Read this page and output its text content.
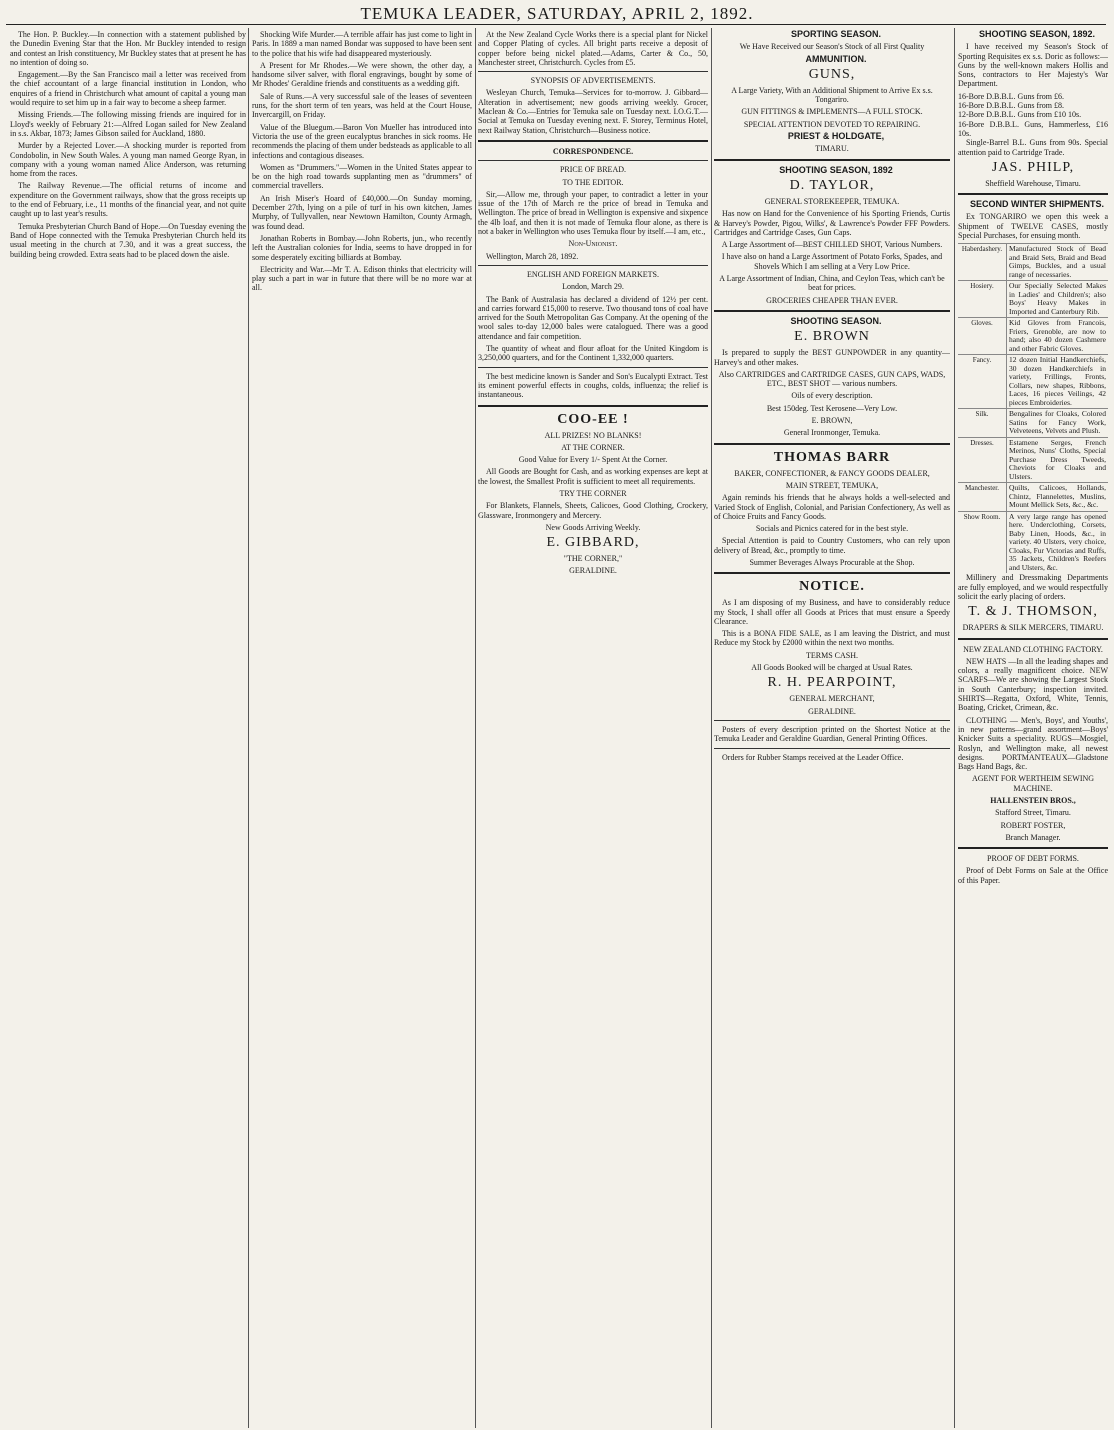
TEMUKA LEADER, SATURDAY, APRIL 2, 1892.

The Hon. P. Buckley.—In connection with a statement published by the Dunedin Evening Star that the Hon. Mr Buckley intended to resign and contest an Irish constituency, Mr Buckley states that at present he has no intention of doing so.

Engagement.—By the San Francisco mail a letter was received from the chief accountant of a large financial institution in London, who enquires of a friend in Christchurch what amount of capital a young man would require to set him up in a fair way to become a sheep farmer.

Missing Friends.—The following missing friends are inquired for in Lloyd's weekly of February 21:—Alfred Logan sailed for New Zealand in s.s. Akbar, 1873; James Gibson sailed for Auckland, 1880.

Murder by a Rejected Lover.—A shocking murder is reported from Condobolin, in New South Wales. A young man named George Ryan, in company with a young woman named Alice Anderson, was returning home from the races.

The Railway Revenue.—The official returns of income and expenditure on the Government railways, show that the gross receipts up to the end of February, i.e., 11 months of the financial year, and not quite caught up to last year's results.

Temuka Presbyterian Church Band of Hope.—On Tuesday evening the Band of Hope connected with the Temuka Presbyterian Church held its usual meeting in the church at 7.30, and it was a great success, the building being crowded. Extra seats had to be placed down the aisle.

Shocking Wife Murder.—A terrible affair has just come to light in Paris. In 1889 a man named Bondar was supposed to have been sent to the police that his wife had disappeared mysteriously.

A Present for Mr Rhodes.—We were shown, the other day, a handsome silver salver, with floral engravings, bought by some of Mr Rhodes' Geraldine friends and constituents as a wedding gift.

Sale of Runs.—A very successful sale of the leases of seventeen runs, for the short term of ten years, was held at the Court House, Invercargill, on Friday.

Value of the Bluegum.—Baron Von Mueller has introduced into Victoria the use of the green eucalyptus branches in sick rooms. He recommends the placing of them under bedsteads as applicable to all infections and contagious diseases.

Women as "Drummers."—Women in the United States appear to be on the high road towards supplanting men as "drummers" of commercial travellers.

An Irish Miser's Hoard of £40,000.—On Sunday morning, December 27th, lying on a pile of turf in his own kitchen, James Murphy, of Tullyvallen, near Newtown Hamilton, County Armagh, was found dead.

Jonathan Roberts in Bombay.—John Roberts, jun., who recently left the Australian colonies for India, seems to have dropped in for some desperately exciting billiards at Bombay.

Electricity and War.—Mr T. A. Edison thinks that electricity will play such a part in war in future that there will be no more war at all.

At the New Zealand Cycle Works there is a special plant for Nickel and Copper Plating of cycles. All bright parts receive a deposit of copper before being nickel plated.—Adams, Carter & Co., 50, Manchester street, Christchurch. Cycles from £5.

SYNOPSIS OF ADVERTISEMENTS.

Wesleyan Church, Temuka—Services for to-morrow. J. Gibbard—Alteration in advertisement; new goods arriving weekly. Grocer, Maclean & Co.—Entries for Temuka sale on Tuesday next. I.O.G.T.—Social at Temuka on Tuesday evening next. F. Storey, Terminus Hotel, next Railway Station, Christchurch—Business notice.

CORRESPONDENCE.

PRICE OF BREAD.

TO THE EDITOR.

Sir,—Allow me, through your paper, to contradict a letter in your issue of the 17th of March re the price of bread in Temuka and Wellington. The price of bread in Wellington is expensive and sixpence the 4lb loaf, and then it is not made of Temuka flour alone, as there is not a baker in Wellington who uses Temuka flour by itself.—I am, etc.,

Non-Unionist.

Wellington, March 28, 1892.

ENGLISH AND FOREIGN MARKETS.

London, March 29.

The Bank of Australasia has declared a dividend of 12½ per cent. and carries forward £15,000 to reserve. Two thousand tons of coal have arrived for the South Metropolitan Gas Company. At the opening of the wool sales to-day 12,000 bales were catalogued. There was a good attendance and fair competition.

The quantity of wheat and flour afloat for the United Kingdom is 3,250,000 quarters, and for the Continent 1,332,000 quarters.

The best medicine known is Sander and Son's Eucalypti Extract. Test its eminent powerful effects in coughs, colds, influenza; the relief is instantaneous.

COO-EE !

ALL PRIZES! NO BLANKS!

AT THE CORNER.

Good Value for Every 1/- Spent At the Corner.

All Goods are Bought for Cash, and as working expenses are kept at the lowest, the Smallest Profit is sufficient to meet all requirements.

TRY THE CORNER

For Blankets, Flannels, Sheets, Calicoes, Good Clothing, Crockery, Glassware, Ironmongery and Mercery.

New Goods Arriving Weekly.

E. GIBBARD,

"THE CORNER,"

GERALDINE.

SPORTING SEASON.

We Have Received our Season's Stock of all First Quality

AMMUNITION.

GUNS,

A Large Variety, With an Additional Shipment to Arrive Ex s.s. Tongariro.

GUN FITTINGS & IMPLEMENTS—A FULL STOCK.

SPECIAL ATTENTION DEVOTED TO REPAIRING.

PRIEST & HOLDGATE,

TIMARU.

SHOOTING SEASON, 1892

D. TAYLOR,

GENERAL STOREKEEPER, TEMUKA.

Has now on Hand for the Convenience of his Sporting Friends, Curtis & Harvey's Powder, Pigou, Wilks', & Lawrence's Powder FFF Powders. Cartridges and Cartridge Cases, Gun Caps.

A Large Assortment of—BEST CHILLED SHOT, Various Numbers.

I have also on hand a Large Assortment of Potato Forks, Spades, and Shovels Which I am selling at a Very Low Price.

A Large Assortment of Indian, China, and Ceylon Teas, which can't be beat for prices.

GROCERIES CHEAPER THAN EVER.

SHOOTING SEASON.

E. BROWN

Is prepared to supply the BEST GUNPOWDER in any quantity—Harvey's and other makes.

Also CARTRIDGES and CARTRIDGE CASES, GUN CAPS, WADS, ETC., BEST SHOT — various numbers.

Oils of every description.

Best 150deg. Test Kerosene—Very Low.

E. BROWN,

General Ironmonger, Temuka.

THOMAS BARR

BAKER, CONFECTIONER, & FANCY GOODS DEALER,

MAIN STREET, TEMUKA,

Again reminds his friends that he always holds a well-selected and Varied Stock of English, Colonial, and Parisian Confectionery, As well as of Choice Fruits and Fancy Goods.

Socials and Picnics catered for in the best style.

Special Attention is paid to Country Customers, who can rely upon delivery of Bread, &c., promptly to time.

Summer Beverages Always Procurable at the Shop.

NOTICE.

As I am disposing of my Business, and have to considerably reduce my Stock, I shall offer all Goods at Prices that must ensure a Speedy Clearance.

This is a BONA FIDE SALE, as I am leaving the District, and must Reduce my Stock by £2000 within the next two months.

TERMS CASH.

All Goods Booked will be charged at Usual Rates.

R. H. PEARPOINT,

GENERAL MERCHANT,

GERALDINE.

Posters of every description printed on the Shortest Notice at the Temuka Leader and Geraldine Guardian, General Printing Offices.

Orders for Rubber Stamps received at the Leader Office.

SHOOTING SEASON, 1892.

I have received my Season's Stock of Sporting Requisites ex s.s. Doric as follows:—Guns by the well-known makers Hollis and Sons, contractors to Her Majesty's War Department.

16-Bore D.B.B.L. Guns from £6.
16-Bore D.B.B.L. Guns from £8.
12-Bore D.B.B.L. Guns from £10 10s.
16-Bore D.B.B.L. Guns, Hammerless, £16 10s.

Single-Barrel B.L. Guns from 90s. Special attention paid to Cartridge Trade.

JAS. PHILP,

Sheffield Warehouse, Timaru.

SECOND WINTER SHIPMENTS.

Ex TONGARIRO we open this week a Shipment of TWELVE CASES, mostly Special Purchases, for ensuing month.

Haberdashery.	Manufactured Stock of Bead and Braid Sets, Braid and Bead Gimps, Buckles, and a usual range of necessaries.
Hosiery.	Our Specially Selected Makes in Ladies' and Children's; also Boys' Heavy Makes in Imported and Canterbury Rib.
Gloves.	Kid Gloves from Francois, Friers, Grenoble, are now to hand; also 40 dozen Cashmere and other Fabric Gloves.
Fancy.	12 dozen Initial Handkerchiefs, 30 dozen Handkerchiefs in variety, Frillings, Fronts, Collars, new shapes, Ribbons, Laces, 16 pieces Veilings, 42 pieces Embroideries.
Silk.	Bengalines for Cloaks, Colored Satins for Fancy Work, Velveteens, Velvets and Plush.
Dresses.	Estamene Serges, French Merinos, Nuns' Cloths, Special Purchase Dress Tweeds, Cheviots for Cloaks and Ulsters.
Manchester.	Quilts, Calicoes, Hollands, Chintz, Flannelettes, Muslins, Mount Mellick Sets, &c., &c.
Show Room.	A very large range has opened here. Underclothing, Corsets, Baby Linen, Hoods, &c., in variety. 40 Ulsters, very choice, Cloaks, Fur Victorias and Ruffs, 35 Jackets, Children's Reefers and Ulsters, &c.

Millinery and Dressmaking Departments are fully employed, and we would respectfully solicit the early placing of orders.

T. & J. THOMSON,

DRAPERS & SILK MERCERS, TIMARU.

NEW ZEALAND CLOTHING FACTORY.

NEW HATS —In all the leading shapes and colors, a really magnificent choice. NEW SCARFS—We are showing the Largest Stock in South Canterbury; inspection invited. SHIRTS—Regatta, Oxford, White, Tennis, Boating, Cricket, Crimean, &c.

CLOTHING — Men's, Boys', and Youths', in new patterns—grand assortment—Boys' Knicker Suits a speciality. RUGS—Mosgiel, Roslyn, and Wellington make, all newest designs. PORTMANTEAUX—Gladstone Bags Hand Bags, &c.

AGENT FOR WERTHEIM SEWING MACHINE.

HALLENSTEIN BROS.,

Stafford Street, Timaru.

ROBERT FOSTER,

Branch Manager.

PROOF OF DEBT FORMS.

Proof of Debt Forms on Sale at the Office of this Paper.
